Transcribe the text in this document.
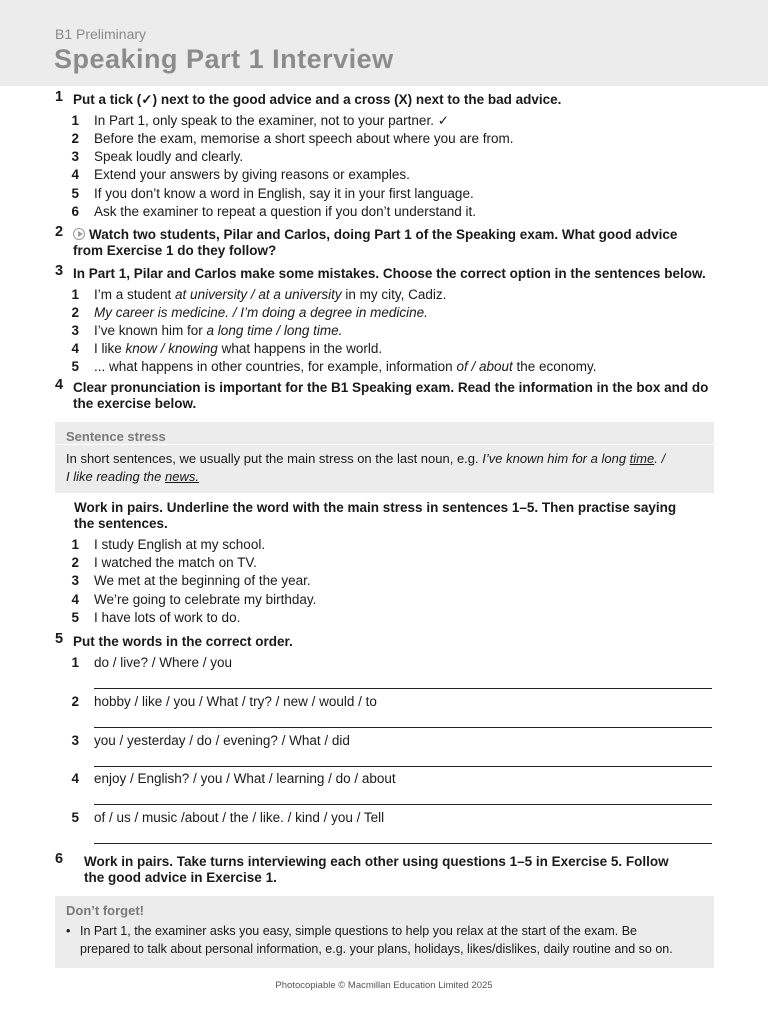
B1 Preliminary
Speaking Part 1 Interview
1 Put a tick (✓) next to the good advice and a cross (X) next to the bad advice.
1 In Part 1, only speak to the examiner, not to your partner. ✓
2 Before the exam, memorise a short speech about where you are from.
3 Speak loudly and clearly.
4 Extend your answers by giving reasons or examples.
5 If you don’t know a word in English, say it in your first language.
6 Ask the examiner to repeat a question if you don’t understand it.
2	Watch two students, Pilar and Carlos, doing Part 1 of the Speaking exam. What good advice
from Exercise 1 do they follow?
3 In Part 1, Pilar and Carlos make some mistakes. Choose the correct option in the sentences below.
1 I’m a student at university / at a university in my city, Cadiz.
2 My career is medicine. / I’m doing a degree in medicine.
3 I’ve known him for a long time / long time.
4 I like know / knowing what happens in the world.
5 ... what happens in other countries, for example, information of / about the economy.
4 Clear pronunciation is important for the B1 Speaking exam. Read the information in the box and do
the exercise below.
Sentence stress
In short sentences, we usually put the main stress on the last noun, e.g. I’ve known him for a long time. /
I like reading the news.
Work in pairs. Underline the word with the main stress in sentences 1–5. Then practise saying
the sentences.
1 I study English at my school.
2 I watched the match on TV.
3 We met at the beginning of the year.
4 We’re going to celebrate my birthday.
5 I have lots of work to do.
5 Put the words in the correct order.
1 do / live? / Where / you
2 hobby / like / you / What / try? / new / would / to
3 you / yesterday / do / evening? / What / did
4 enjoy / English? / you / What / learning / do / about
5 of / us / music /about / the / like. / kind / you / Tell
6 Work in pairs. Take turns interviewing each other using questions 1–5 in Exercise 5. Follow
the good advice in Exercise 1.
Don’t forget!
• In Part 1, the examiner asks you easy, simple questions to help you relax at the start of the exam. Be
prepared to talk about personal information, e.g. your plans, holidays, likes/dislikes, daily routine and so on.
Photocopiable © Macmillan Education Limited 2025
